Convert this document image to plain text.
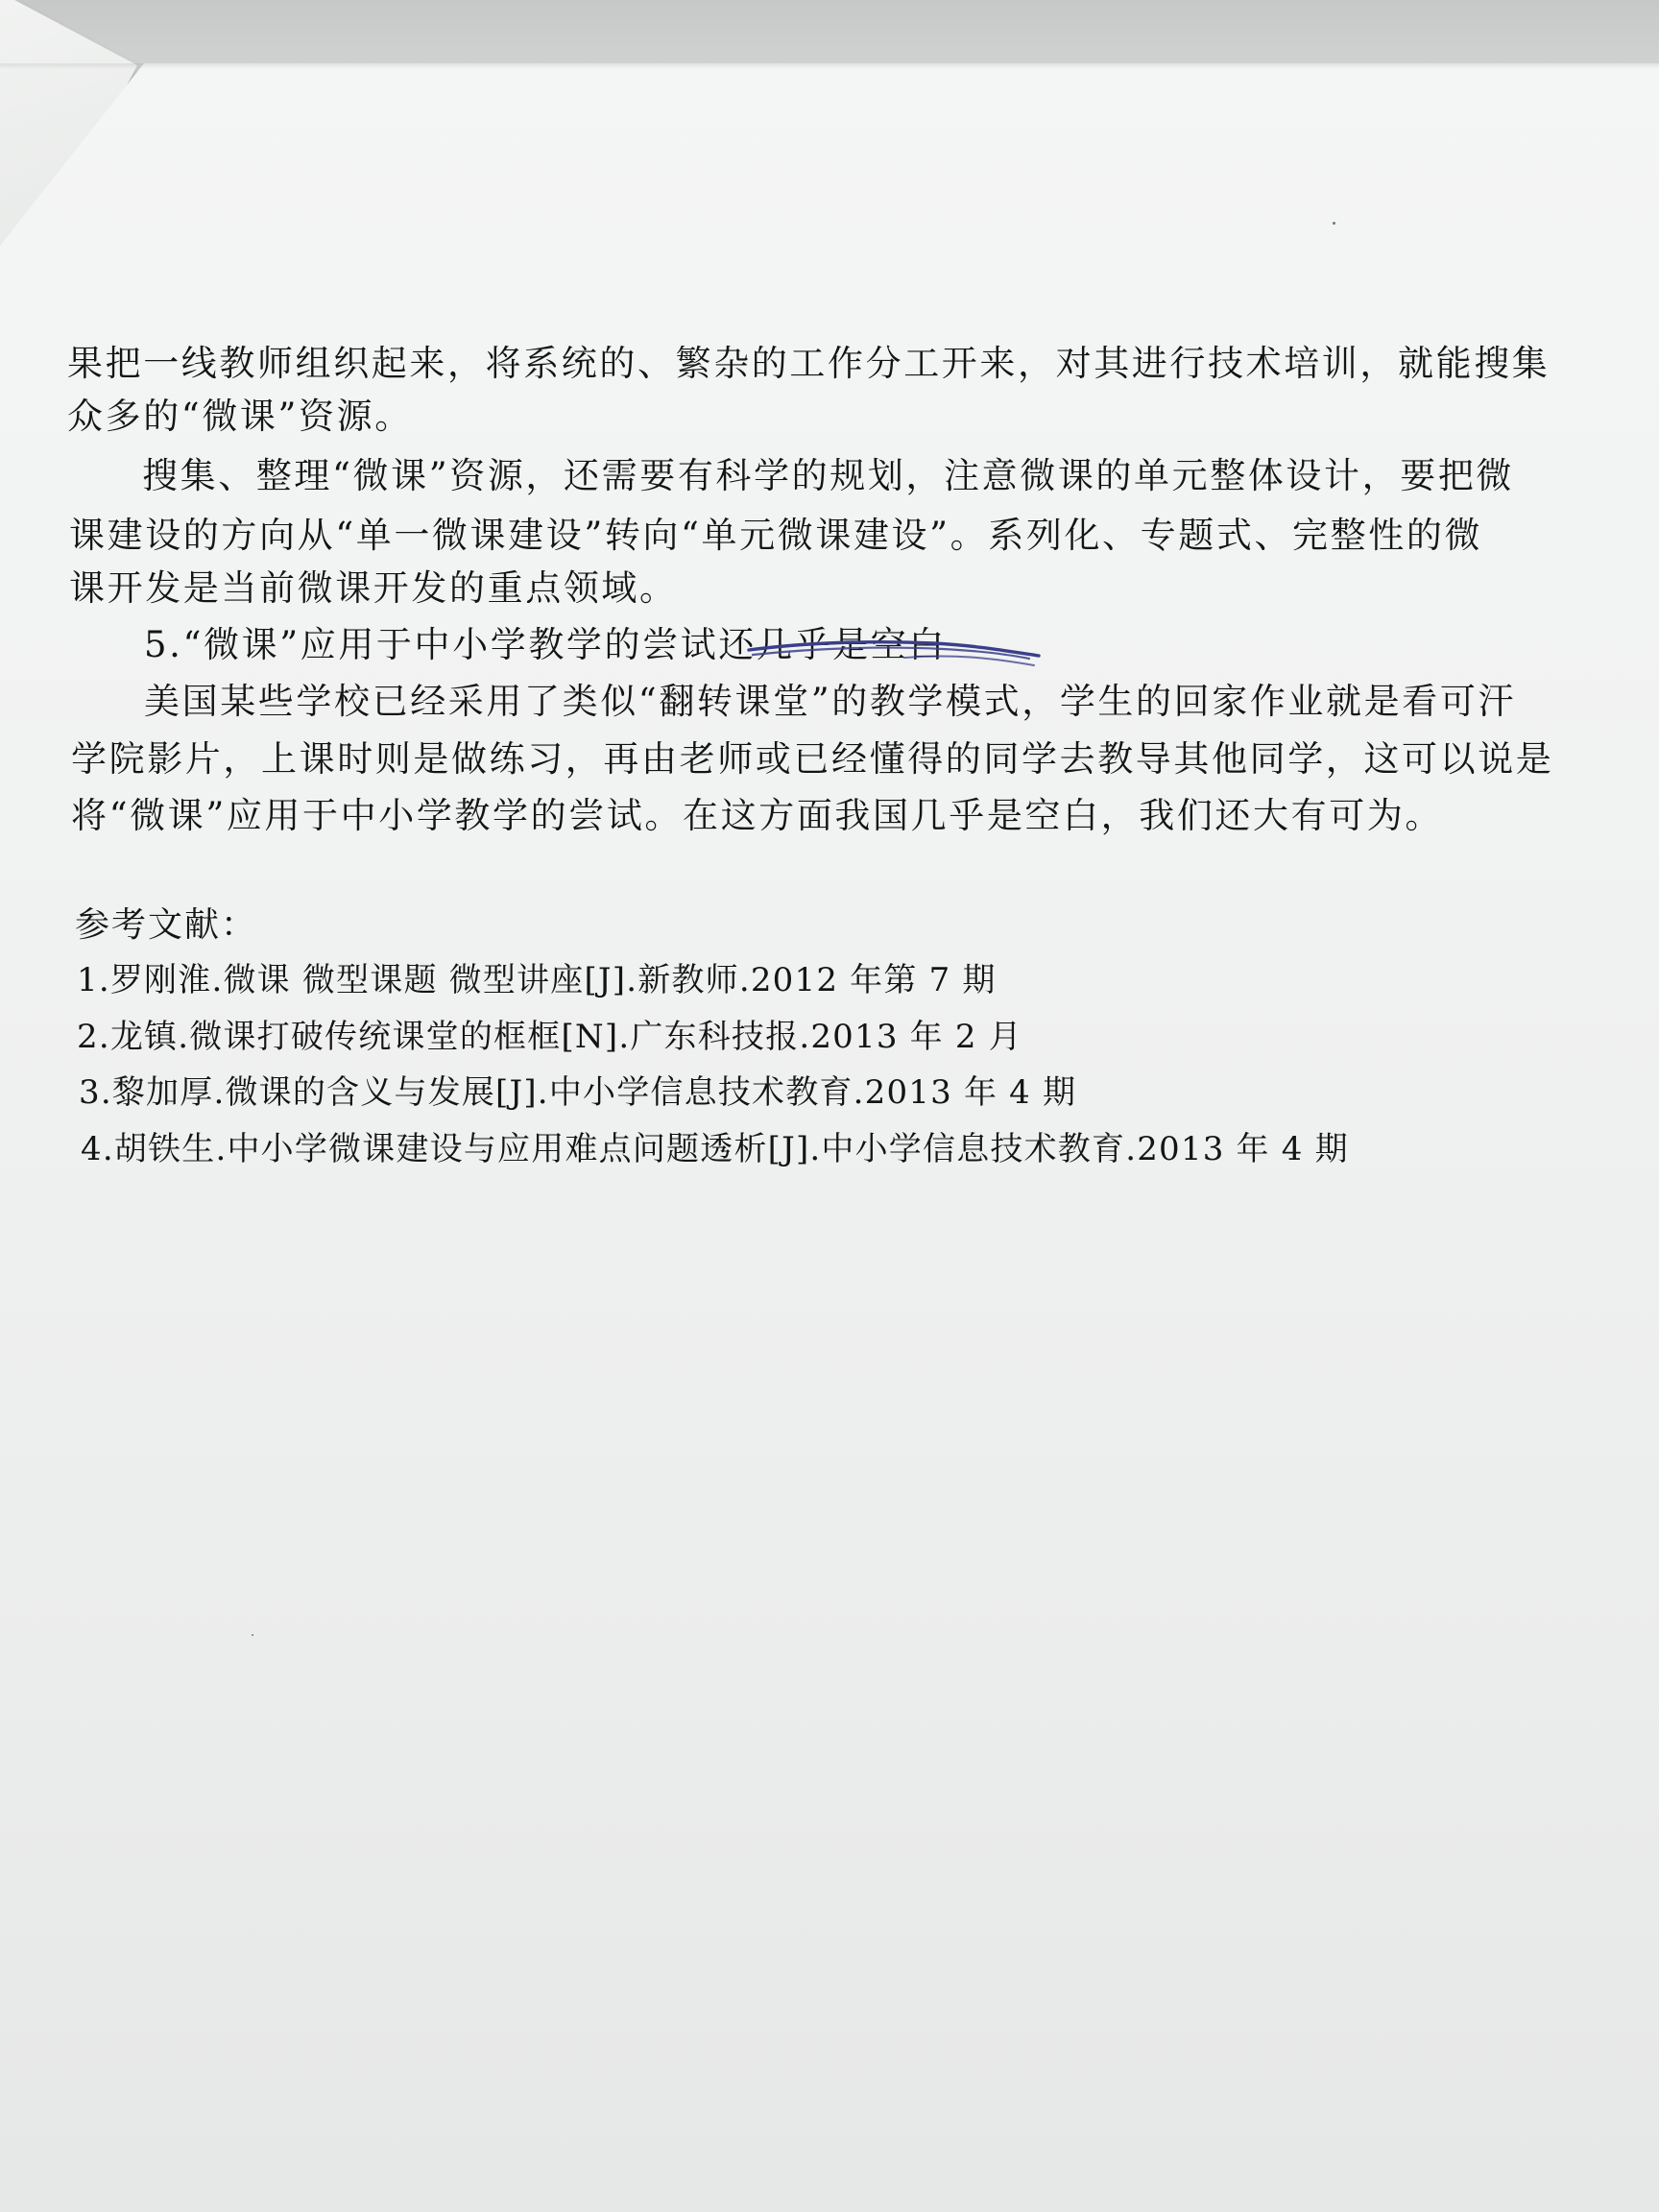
果把一线教师组织起来，将系统的、繁杂的工作分工开来，对其进行技术培训，就能搜集
众多的“微课”资源。
搜集、整理“微课”资源，还需要有科学的规划，注意微课的单元整体设计，要把微
课建设的方向从“单一微课建设”转向“单元微课建设”。系列化、专题式、完整性的微
课开发是当前微课开发的重点领域。
5.“微课”应用于中小学教学的尝试还几乎是空白
美国某些学校已经采用了类似“翻转课堂”的教学模式，学生的回家作业就是看可汗
学院影片，上课时则是做练习，再由老师或已经懂得的同学去教导其他同学，这可以说是
将“微课”应用于中小学教学的尝试。在这方面我国几乎是空白，我们还大有可为。
参考文献：
1.罗刚淮.微课 微型课题 微型讲座[J].新教师.2012 年第 7 期
2.龙镇.微课打破传统课堂的框框[N].广东科技报.2013 年 2 月
3.黎加厚.微课的含义与发展[J].中小学信息技术教育.2013 年 4 期
4.胡铁生.中小学微课建设与应用难点问题透析[J].中小学信息技术教育.2013 年 4 期
